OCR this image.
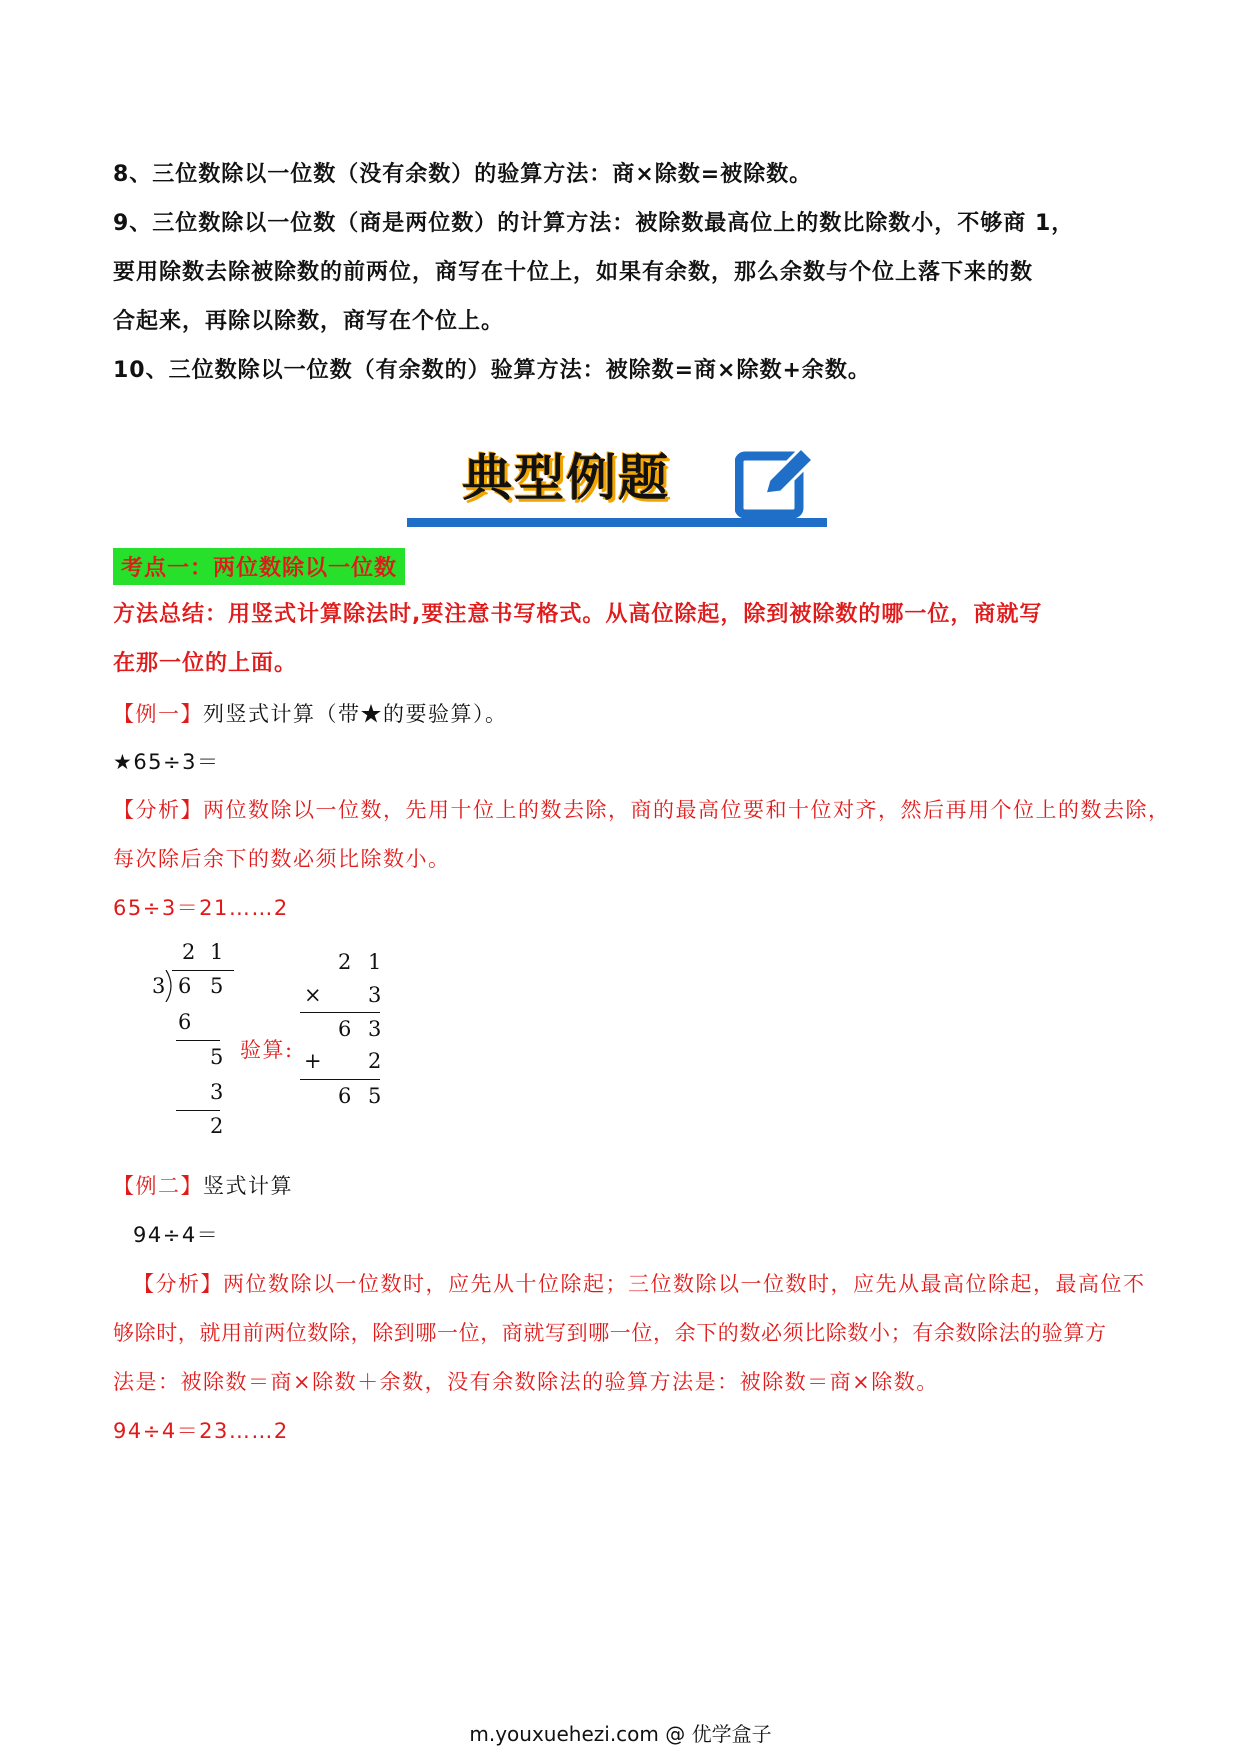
8、三位数除以一位数（没有余数）的验算方法：商×除数=被除数。
9、三位数除以一位数（商是两位数）的计算方法：被除数最高位上的数比除数小，不够商 1，
要用除数去除被除数的前两位，商写在十位上，如果有余数，那么余数与个位上落下来的数
合起来，再除以除数，商写在个位上。
10、三位数除以一位数（有余数的）验算方法：被除数=商×除数+余数。
典型例题
考点一：两位数除以一位数
方法总结：用竖式计算除法时,要注意书写格式。从高位除起，除到被除数的哪一位，商就写
在那一位的上面。
【例一】列竖式计算（带★的要验算）。
★65÷3＝
【分析】两位数除以一位数，先用十位上的数去除，商的最高位要和十位对齐，然后再用个位上的数去除，
每次除后余下的数必须比除数小。
65÷3＝21……2
2 1
3 6 5
6
5
3
2
验算:
2 1
× 3
6 3
+ 2
6 5
【例二】竖式计算
94÷4＝
【分析】两位数除以一位数时，应先从十位除起；三位数除以一位数时，应先从最高位除起，最高位不
够除时，就用前两位数除，除到哪一位，商就写到哪一位，余下的数必须比除数小；有余数除法的验算方
法是：被除数＝商×除数＋余数，没有余数除法的验算方法是：被除数＝商×除数。
94÷4＝23……2
m.youxuehezi.com @ 优学盒子
